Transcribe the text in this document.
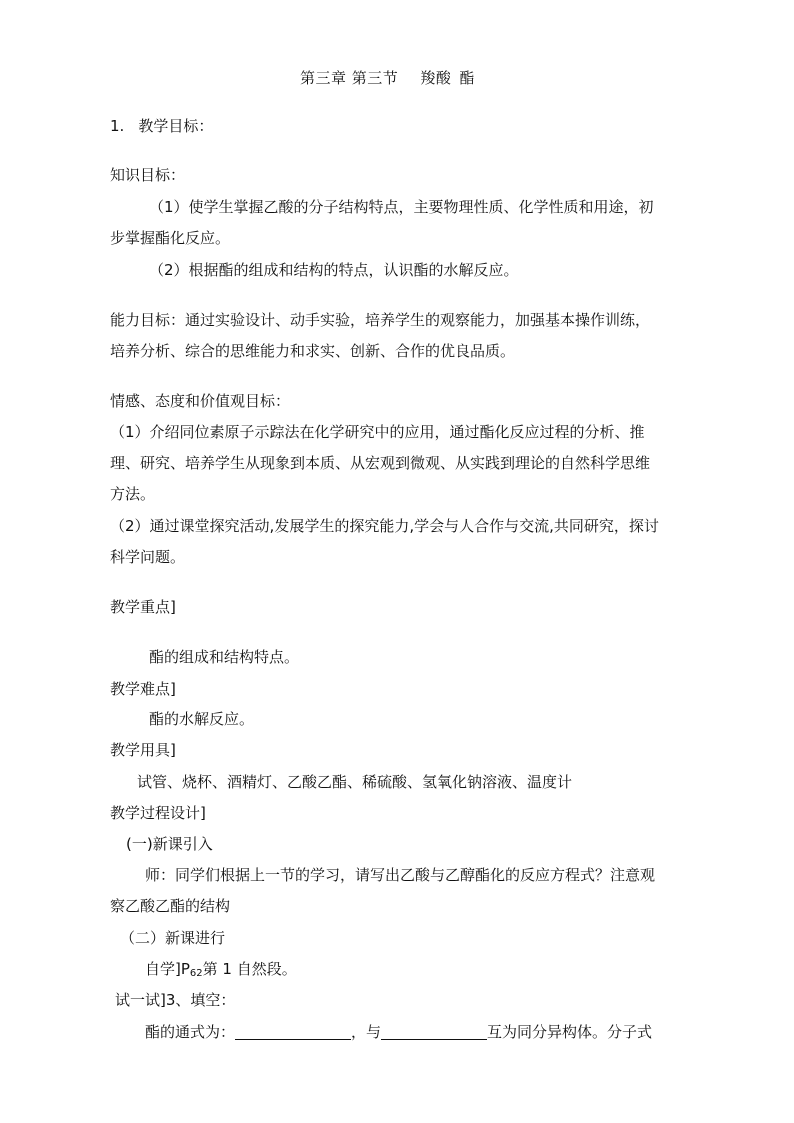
第三章 第三节 羧酸 酯
1. 教学目标：
知识目标：
（1）使学生掌握乙酸的分子结构特点，主要物理性质、化学性质和用途，初
步掌握酯化反应。
（2）根据酯的组成和结构的特点，认识酯的水解反应。
能力目标：通过实验设计、动手实验，培养学生的观察能力，加强基本操作训练，
培养分析、综合的思维能力和求实、创新、合作的优良品质。
情感、态度和价值观目标：
（1）介绍同位素原子示踪法在化学研究中的应用，通过酯化反应过程的分析、推
理、研究、培养学生从现象到本质、从宏观到微观、从实践到理论的自然科学思维
方法。
（2）通过课堂探究活动,发展学生的探究能力,学会与人合作与交流,共同研究，探讨
科学问题。
教学重点]
酯的组成和结构特点。
教学难点]
酯的水解反应。
教学用具]
试管、烧杯、酒精灯、乙酸乙酯、稀硫酸、氢氧化钠溶液、温度计
教学过程设计]
(一)新课引入
师：同学们根据上一节的学习，请写出乙酸与乙醇酯化的反应方程式？注意观
察乙酸乙酯的结构
（二）新课进行
自学]$P_{62}$第 1 自然段。
试一试]3、填空：
酯的通式为：	，与	互为同分异构体。分子式
